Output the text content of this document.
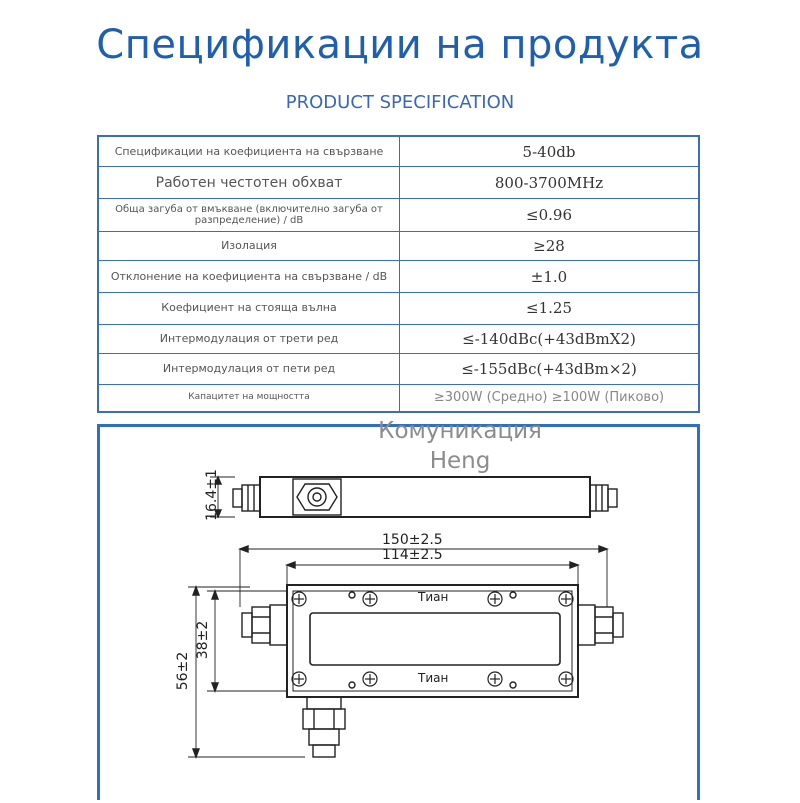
Спецификации на продукта
PRODUCT SPECIFICATION
Спецификации на коефициента на свързване	5-40db
Работен честотен обхват	800-3700MHz
Обща загуба от вмъкване (включително загуба от разпределение) / dB	≤0.96
Изолация	≥28
Отклонение на коефициента на свързване / dB	±1.0
Коефициент на стояща вълна	≤1.25
Интермодулация от трети ред	≤-140dBc(+43dBmX2)
Интермодулация от пети ред	≤-155dBc(+43dBm×2)
Капацитет на мощността	≥300W (Средно) ≥100W (Пиково)
16.4±1
150±2.5
114±2.5
56±2
38±2
Тиан
Тиан
Комуникация
Heng
